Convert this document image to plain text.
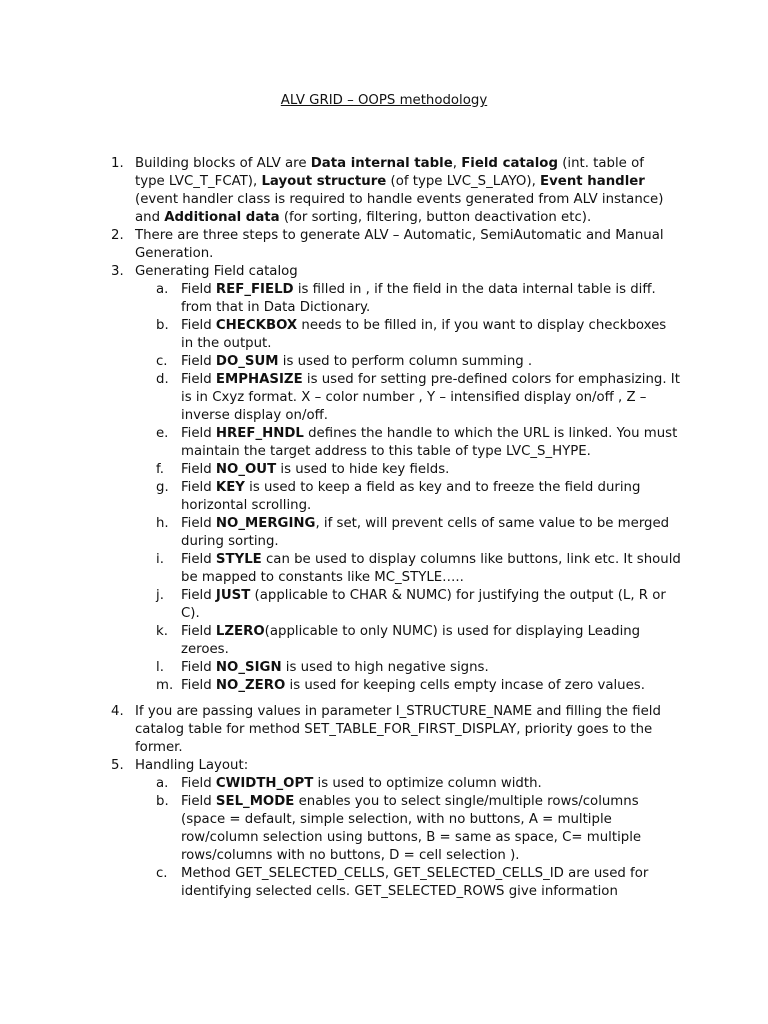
ALV GRID – OOPS methodology
1. Building blocks of ALV are Data internal table, Field catalog (int. table of type LVC_T_FCAT), Layout structure (of type LVC_S_LAYO), Event handler (event handler class is required to handle events generated from ALV instance) and Additional data (for sorting, filtering, button deactivation etc).
2. There are three steps to generate ALV – Automatic, SemiAutomatic and Manual Generation.
3. Generating Field catalog
a. Field REF_FIELD is filled in , if the field in the data internal table is diff. from that in Data Dictionary.
b. Field CHECKBOX needs to be filled in, if you want to display checkboxes in the output.
c.	Field DO_SUM is used to perform column summing .
d. Field EMPHASIZE is used for setting pre-defined colors for emphasizing. It is in Cxyz format. X – color number , Y – intensified display on/off , Z – inverse display on/off.
e. Field HREF_HNDL defines the handle to which the URL is linked. You must maintain the target address to this table of type LVC_S_HYPE.
f.	Field NO_OUT is used to hide key fields.
g. Field KEY is used to keep a field as key and to freeze the field during horizontal scrolling.
h. Field NO_MERGING, if set, will prevent cells of same value to be merged during sorting.
i.	Field STYLE can be used to display columns like buttons, link etc. It should be mapped to constants like MC_STYLE…..
j.	Field JUST (applicable to CHAR & NUMC) for justifying the output (L, R or C).
k. Field LZERO(applicable to only NUMC) is used for displaying Leading zeroes.
l.	Field NO_SIGN is used to high negative signs.
m. Field NO_ZERO is used for keeping cells empty incase of zero values.
4. If you are passing values in parameter I_STRUCTURE_NAME and filling the field catalog table for method SET_TABLE_FOR_FIRST_DISPLAY, priority goes to the former.
5. Handling Layout:
a. Field CWIDTH_OPT is used to optimize column width.
b. Field SEL_MODE enables you to select single/multiple rows/columns (space = default, simple selection, with no buttons, A = multiple row/column selection using buttons, B = same as space, C= multiple rows/columns with no buttons, D = cell selection ).
c.	Method GET_SELECTED_CELLS, GET_SELECTED_CELLS_ID are used for identifying selected cells. GET_SELECTED_ROWS give information
